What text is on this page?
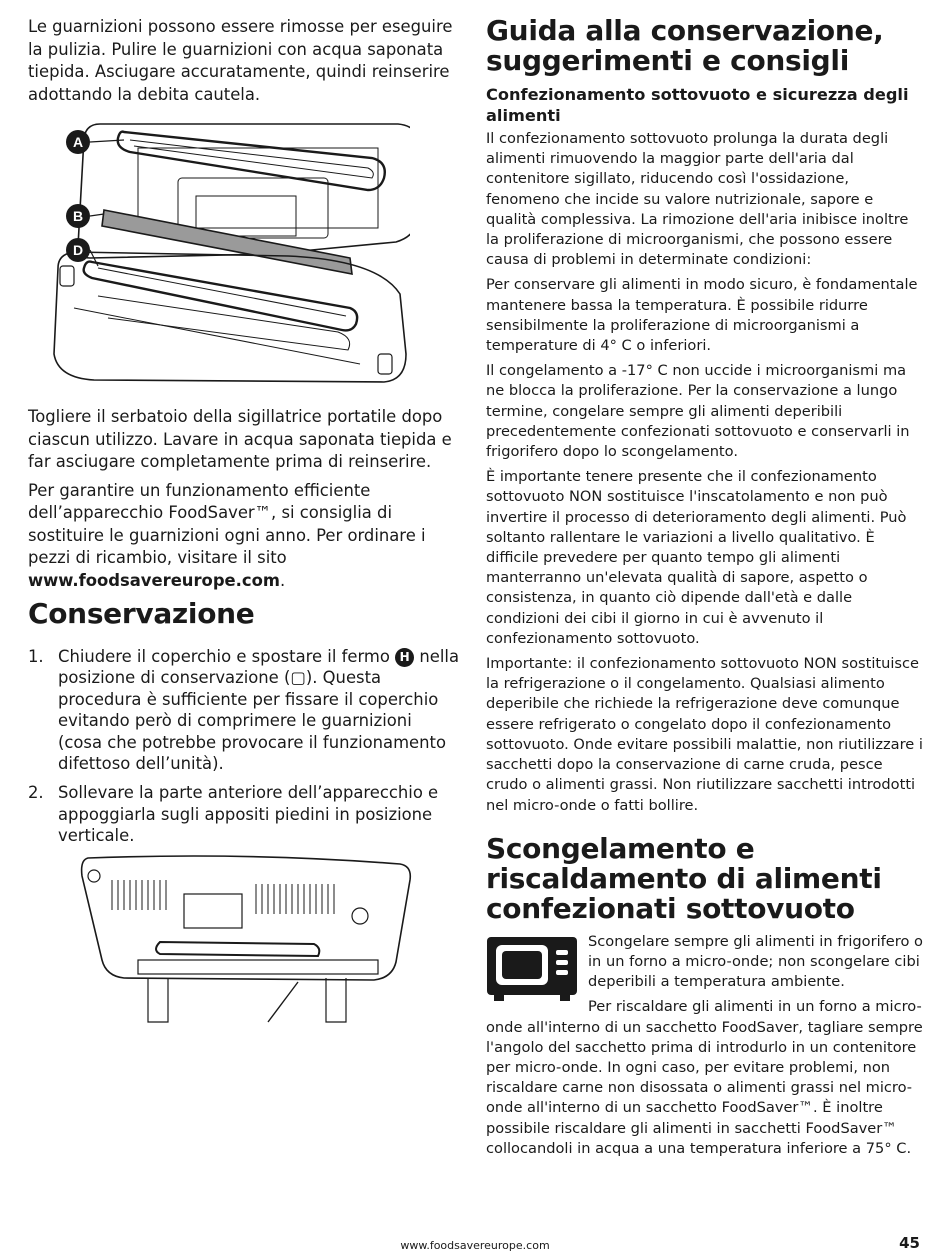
Le guarnizioni possono essere rimosse per eseguire la pulizia. Pulire le guarnizioni con acqua saponata tiepida. Asciugare accuratamente, quindi reinserire adottando la debita cautela.

A
B
D

Togliere il serbatoio della sigillatrice portatile dopo ciascun utilizzo. Lavare in acqua saponata tiepida e far asciugare completamente prima di reinserire.

Per garantire un funzionamento efficiente dell’apparecchio FoodSaver™, si consiglia di sostituire le guarnizioni ogni anno. Per ordinare i pezzi di ricambio, visitare il sito www.foodsavereurope.com.

Conservazione
1. Chiudere il coperchio e spostare il fermo H nella posizione di conservazione (▢). Questa procedura è sufficiente per fissare il coperchio evitando però di comprimere le guarnizioni (cosa che potrebbe provocare il funzionamento difettoso dell’unità).
2. Sollevare la parte anteriore dell’apparecchio e appoggiarla sugli appositi piedini in posizione verticale.
Guida alla conservazione, suggerimenti e consigli
Confezionamento sottovuoto e sicurezza degli alimenti

Il confezionamento sottovuoto prolunga la durata degli alimenti rimuovendo la maggior parte dell'aria dal contenitore sigillato, riducendo così l'ossidazione, fenomeno che incide su valore nutrizionale, sapore e qualità complessiva. La rimozione dell'aria inibisce inoltre la proliferazione di microorganismi, che possono essere causa di problemi in determinate condizioni:

Per conservare gli alimenti in modo sicuro, è fondamentale mantenere bassa la temperatura. È possibile ridurre sensibilmente la proliferazione di microorganismi a temperature di 4° C o inferiori.

Il congelamento a -17° C non uccide i microorganismi ma ne blocca la proliferazione. Per la conservazione a lungo termine, congelare sempre gli alimenti deperibili precedentemente confezionati sottovuoto e conservarli in frigorifero dopo lo scongelamento.

È importante tenere presente che il confezionamento sottovuoto NON sostituisce l'inscatolamento e non può invertire il processo di deterioramento degli alimenti. Può soltanto rallentare le variazioni a livello qualitativo. È difficile prevedere per quanto tempo gli alimenti manterranno un'elevata qualità di sapore, aspetto o consistenza, in quanto ciò dipende dall'età e dalle condizioni dei cibi il giorno in cui è avvenuto il confezionamento sottovuoto.

Importante: il confezionamento sottovuoto NON sostituisce la refrigerazione o il congelamento. Qualsiasi alimento deperibile che richiede la refrigerazione deve comunque essere refrigerato o congelato dopo il confezionamento sottovuoto. Onde evitare possibili malattie, non riutilizzare i sacchetti dopo la conservazione di carne cruda, pesce crudo o alimenti grassi. Non riutilizzare sacchetti introdotti nel micro-onde o fatti bollire.

Scongelamento e riscaldamento di alimenti confezionati sottovuoto

Scongelare sempre gli alimenti in frigorifero o in un forno a micro-onde; non scongelare cibi deperibili a temperatura ambiente.

Per riscaldare gli alimenti in un forno a micro-onde all'interno di un sacchetto FoodSaver, tagliare sempre l'angolo del sacchetto prima di introdurlo in un contenitore per micro-onde. In ogni caso, per evitare problemi, non riscaldare carne non disossata o alimenti grassi nel micro-onde all'interno di un sacchetto FoodSaver™. È inoltre possibile riscaldare gli alimenti in sacchetti FoodSaver™ collocandoli in acqua a una temperatura inferiore a 75° C.

www.foodsavereurope.com	45
